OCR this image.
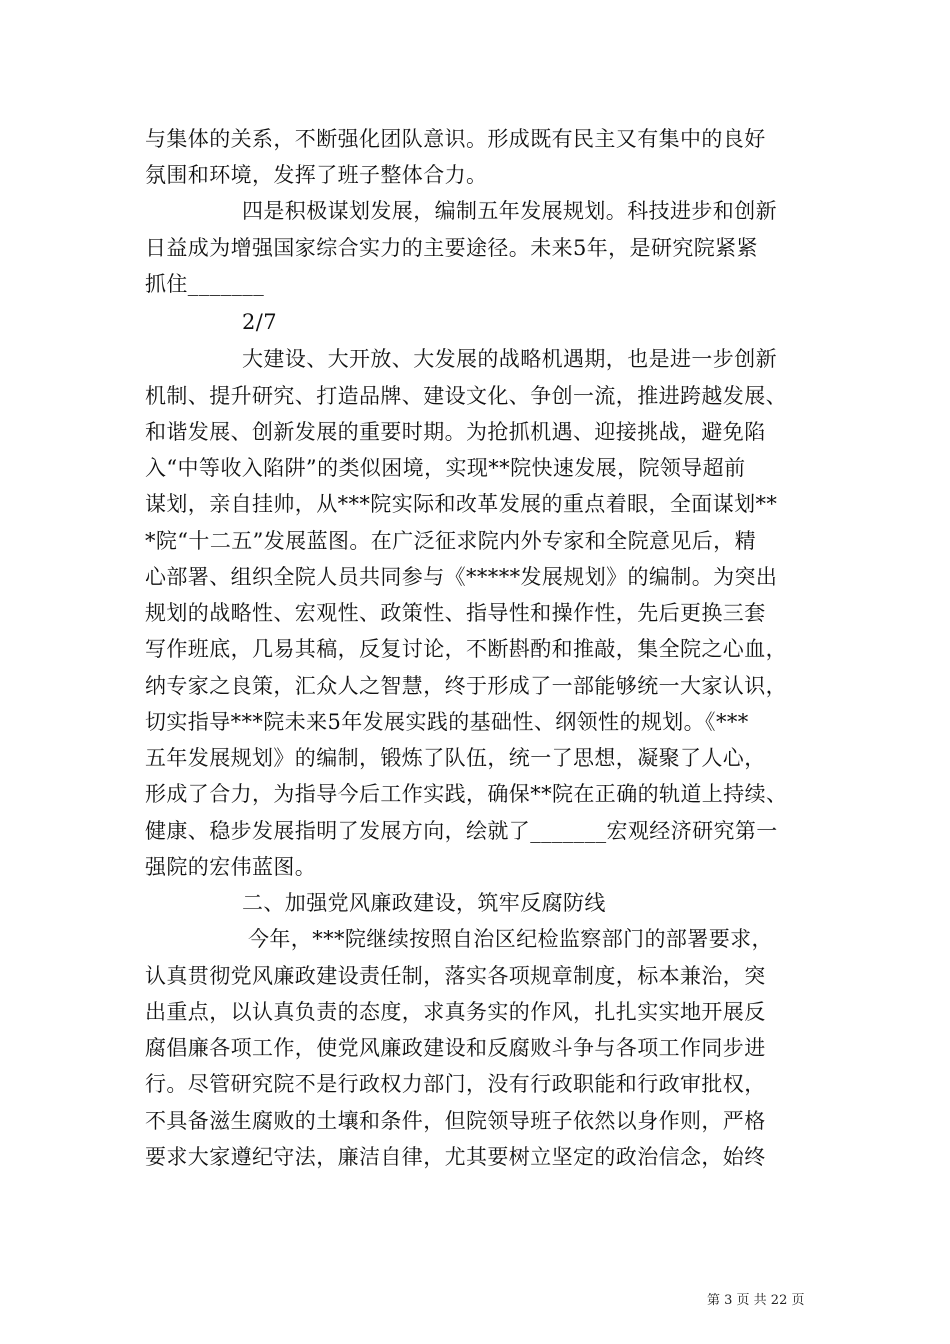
与集体的关系，不断强化团队意识。形成既有民主又有集中的良好
氛围和环境，发挥了班子整体合力。
四是积极谋划发展，编制五年发展规划。科技进步和创新
日益成为增强国家综合实力的主要途径。未来5年，是研究院紧紧
抓住_______
2/7
大建设、大开放、大发展的战略机遇期，也是进一步创新
机制、提升研究、打造品牌、建设文化、争创一流，推进跨越发展、
和谐发展、创新发展的重要时期。为抢抓机遇、迎接挑战，避免陷
入“中等收入陷阱”的类似困境，实现**院快速发展，院领导超前
谋划，亲自挂帅，从***院实际和改革发展的重点着眼，全面谋划**
*院“十二五”发展蓝图。在广泛征求院内外专家和全院意见后，精
心部署、组织全院人员共同参与《*****发展规划》的编制。为突出
规划的战略性、宏观性、政策性、指导性和操作性，先后更换三套
写作班底，几易其稿，反复讨论，不断斟酌和推敲，集全院之心血，
纳专家之良策，汇众人之智慧，终于形成了一部能够统一大家认识，
切实指导***院未来5年发展实践的基础性、纲领性的规划。《***
五年发展规划》的编制，锻炼了队伍，统一了思想，凝聚了人心，
形成了合力，为指导今后工作实践，确保**院在正确的轨道上持续、
健康、稳步发展指明了发展方向，绘就了_______宏观经济研究第一
强院的宏伟蓝图。
二、加强党风廉政建设，筑牢反腐防线
今年，***院继续按照自治区纪检监察部门的部署要求，
认真贯彻党风廉政建设责任制，落实各项规章制度，标本兼治，突
出重点，以认真负责的态度，求真务实的作风，扎扎实实地开展反
腐倡廉各项工作，使党风廉政建设和反腐败斗争与各项工作同步进
行。尽管研究院不是行政权力部门，没有行政职能和行政审批权，
不具备滋生腐败的土壤和条件，但院领导班子依然以身作则，严格
要求大家遵纪守法，廉洁自律，尤其要树立坚定的政治信念，始终
第 3 页 共 22 页
